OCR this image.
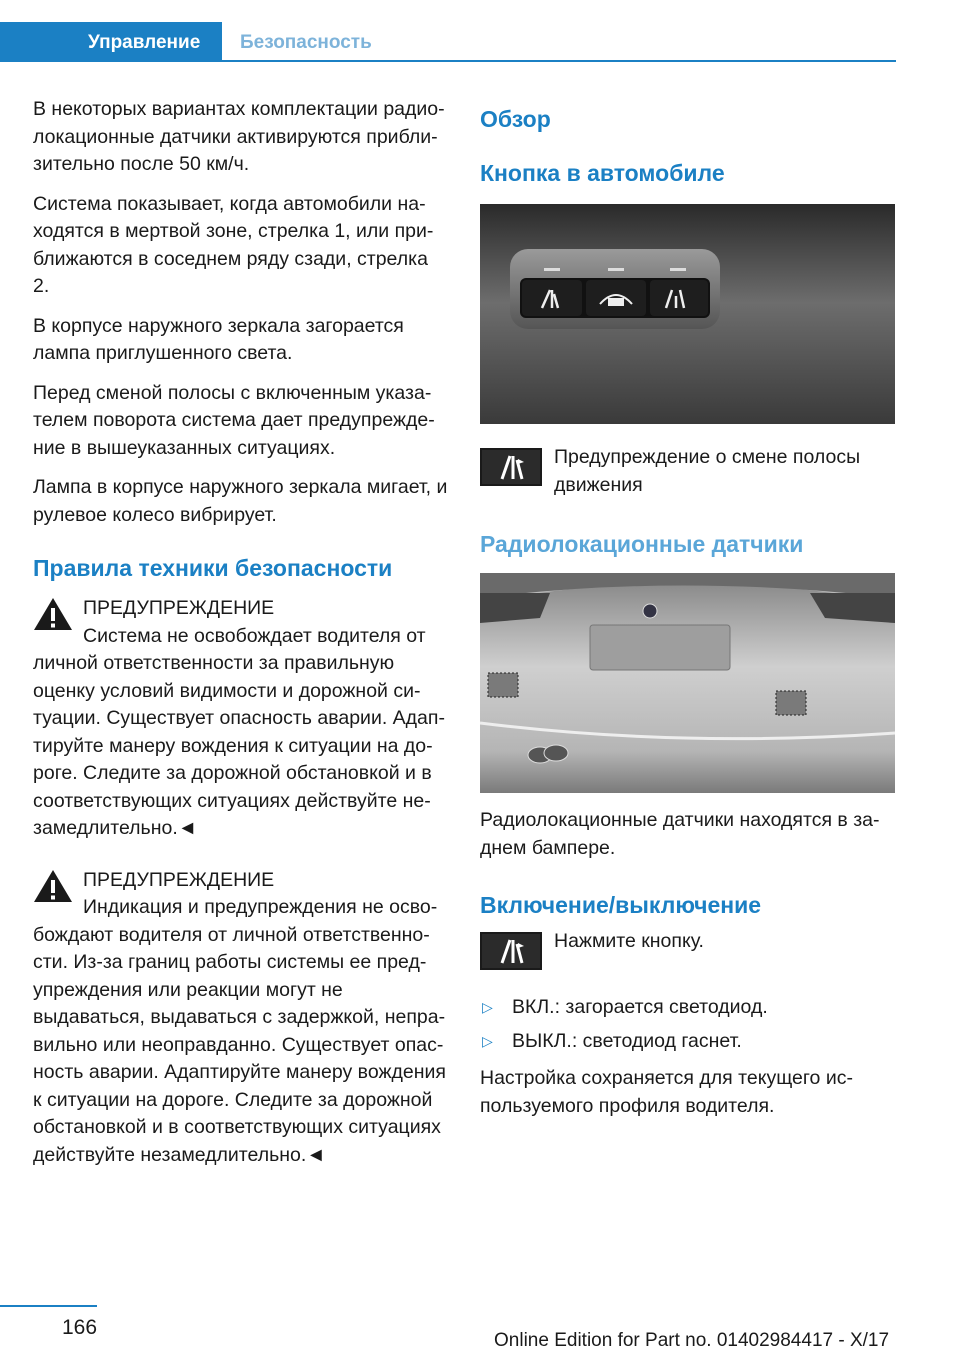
Управление	Безопасность

В некоторых вариантах комплектации радиолокационные датчики активируются приблизительно после 50 км/ч.

Система показывает, когда автомобили находятся в мертвой зоне, стрелка 1, или приближаются в соседнем ряду сзади, стрелка 2.

В корпусе наружного зеркала загорается лампа приглушенного света.

Перед сменой полосы с включенным указателем поворота система дает предупреждение в вышеуказанных ситуациях.

Лампа в корпусе наружного зеркала мигает, и рулевое колесо вибрирует.

Правила техники безопасности

ПРЕДУПРЕЖДЕНИЕ

Система не освобождает водителя от личной ответственности за правильную оценку условий видимости и дорожной ситуации. Существует опасность аварии. Адаптируйте манеру вождения к ситуации на дороге. Следите за дорожной обстановкой и в соответствующих ситуациях действуйте незамедлительно.◄

ПРЕДУПРЕЖДЕНИЕ

Индикация и предупреждения не освобождают водителя от личной ответственности. Из-за границ работы системы ее предупреждения или реакции могут не выдаваться, выдаваться с задержкой, неправильно или неоправданно. Существует опасность аварии. Адаптируйте манеру вождения к ситуации на дороге. Следите за дорожной обстановкой и в соответствующих ситуациях действуйте незамедлительно.◄

Обзор
Кнопка в автомобиле

Предупреждение о смене полосы движения

Радиолокационные датчики

Радиолокационные датчики находятся в заднем бампере.

Включение/выключение

Нажмите кнопку.

▷ ВКЛ.: загорается светодиод.
▷ ВЫКЛ.: светодиод гаснет.

Настройка сохраняется для текущего используемого профиля водителя.

166
Online Edition for Part no. 01402984417 - X/17
